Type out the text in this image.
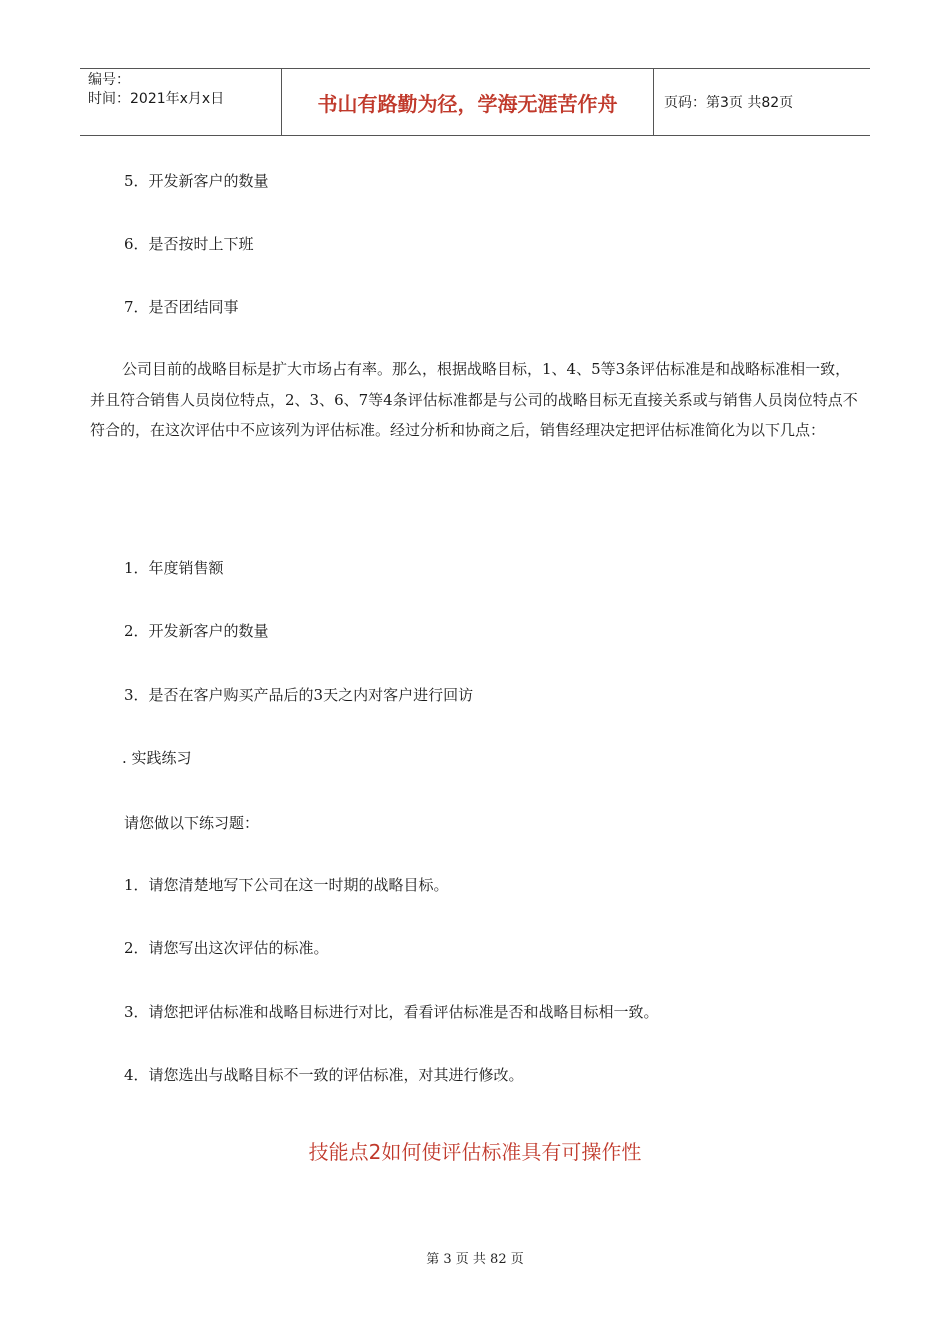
编号：
时间：2021年x月x日	书山有路勤为径，学海无涯苦作舟	页码：第3页 共82页
5．开发新客户的数量
6．是否按时上下班
7．是否团结同事
公司目前的战略目标是扩大市场占有率。那么，根据战略目标，1、4、5等3条评估标准是和战略标准相一致，并且符合销售人员岗位特点，2、3、6、7等4条评估标准都是与公司的战略目标无直接关系或与销售人员岗位特点不符合的，在这次评估中不应该列为评估标准。经过分析和协商之后，销售经理决定把评估标准简化为以下几点：
1．年度销售额
2．开发新客户的数量
3．是否在客户购买产品后的3天之内对客户进行回访
. 实践练习
请您做以下练习题：
1．请您清楚地写下公司在这一时期的战略目标。
2．请您写出这次评估的标准。
3．请您把评估标准和战略目标进行对比，看看评估标准是否和战略目标相一致。
4．请您选出与战略目标不一致的评估标准，对其进行修改。
技能点2如何使评估标准具有可操作性
第 3 页 共 82 页
